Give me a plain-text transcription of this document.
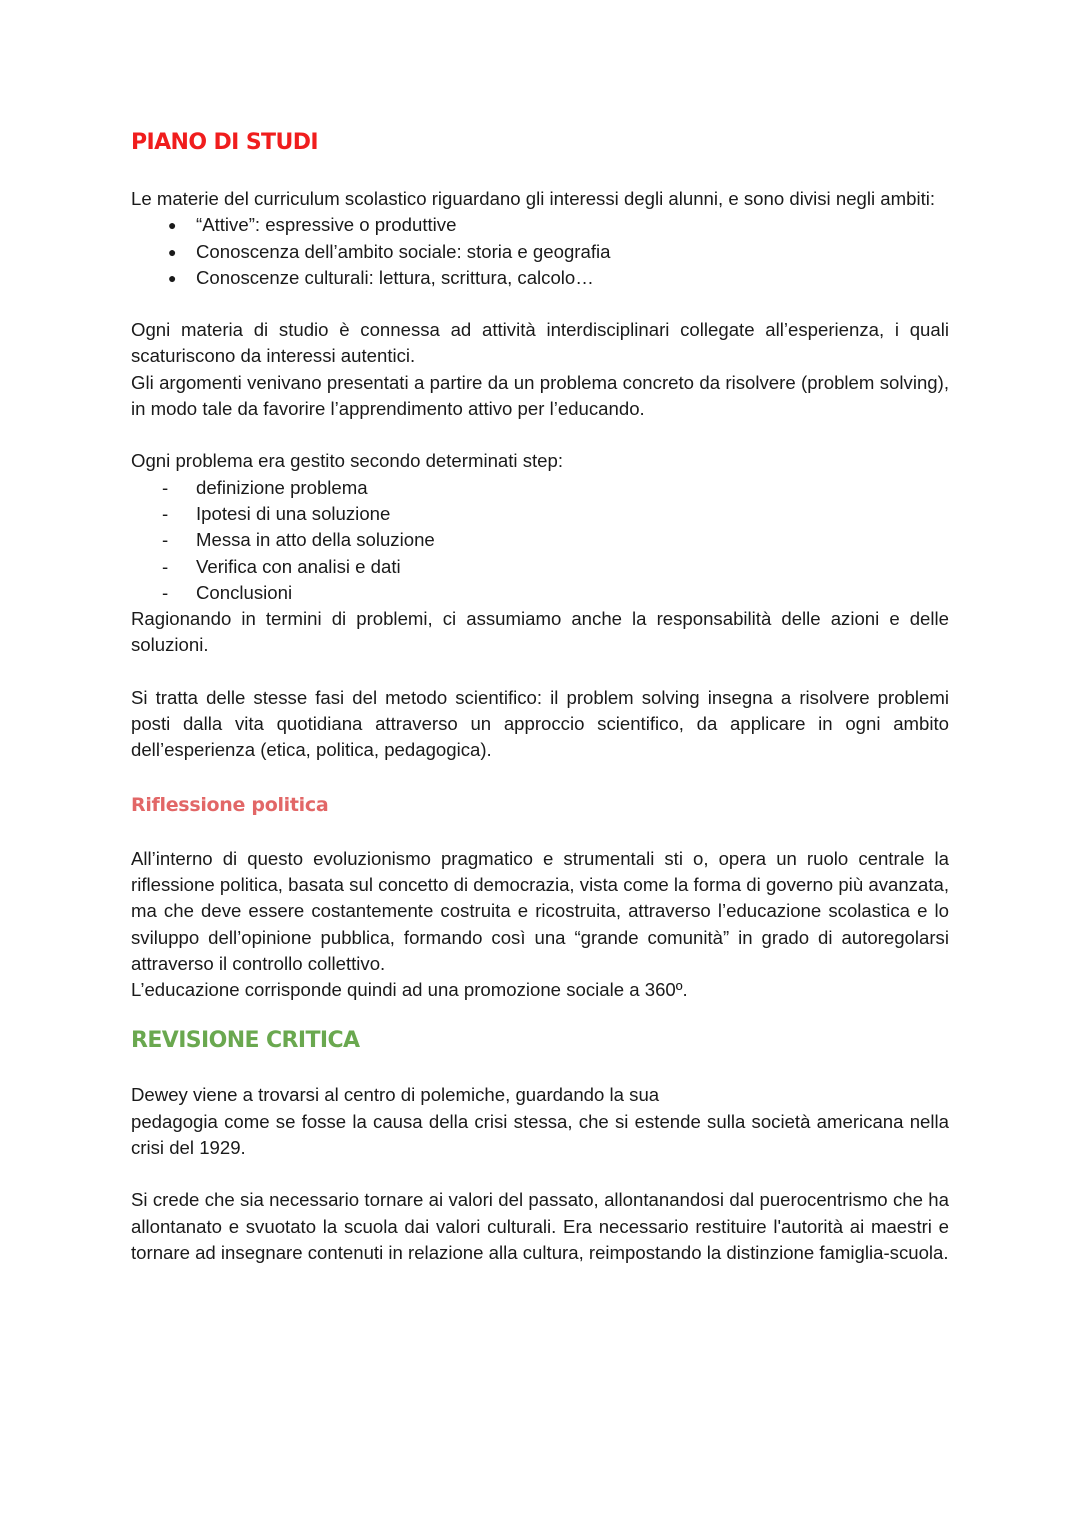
PIANO DI STUDI

Le materie del curriculum scolastico riguardano gli interessi degli alunni, e sono divisi negli ambiti:

● “Attive”: espressive o produttive
● Conoscenza dell’ambito sociale: storia e geografia
● Conoscenze culturali: lettura, scrittura, calcolo…

Ogni materia di studio è connessa ad attività interdisciplinari collegate all’esperienza, i quali scaturiscono da interessi autentici.

Gli argomenti venivano presentati a partire da un problema concreto da risolvere (problem solving), in modo tale da favorire l’apprendimento attivo per l’educando.

Ogni problema era gestito secondo determinati step:

- definizione problema
- Ipotesi di una soluzione
- Messa in atto della soluzione
- Verifica con analisi e dati
- Conclusioni

Ragionando in termini di problemi, ci assumiamo anche la responsabilità delle azioni e delle soluzioni.

Si tratta delle stesse fasi del metodo scientifico: il problem solving insegna a risolvere problemi posti dalla vita quotidiana attraverso un approccio scientifico, da applicare in ogni ambito dell’esperienza (etica, politica, pedagogica).

Riflessione politica

All’interno di questo evoluzionismo pragmatico e strumentali sti o, opera un ruolo centrale la riflessione politica, basata sul concetto di democrazia, vista come la forma di governo più avanzata, ma che deve essere costantemente costruita e ricostruita, attraverso l’educazione scolastica e lo sviluppo dell’opinione pubblica, formando così una “grande comunità” in grado di autoregolarsi attraverso il controllo collettivo.

L’educazione corrisponde quindi ad una promozione sociale a 360º.

REVISIONE CRITICA

Dewey viene a trovarsi al centro di polemiche, guardando la sua

pedagogia come se fosse la causa della crisi stessa, che si estende sulla società americana nella crisi del 1929.

Si crede che sia necessario tornare ai valori del passato, allontanandosi dal puerocentrismo che ha allontanato e svuotato la scuola dai valori culturali. Era necessario restituire l'autorità ai maestri e tornare ad insegnare contenuti in relazione alla cultura, reimpostando la distinzione famiglia-scuola.
